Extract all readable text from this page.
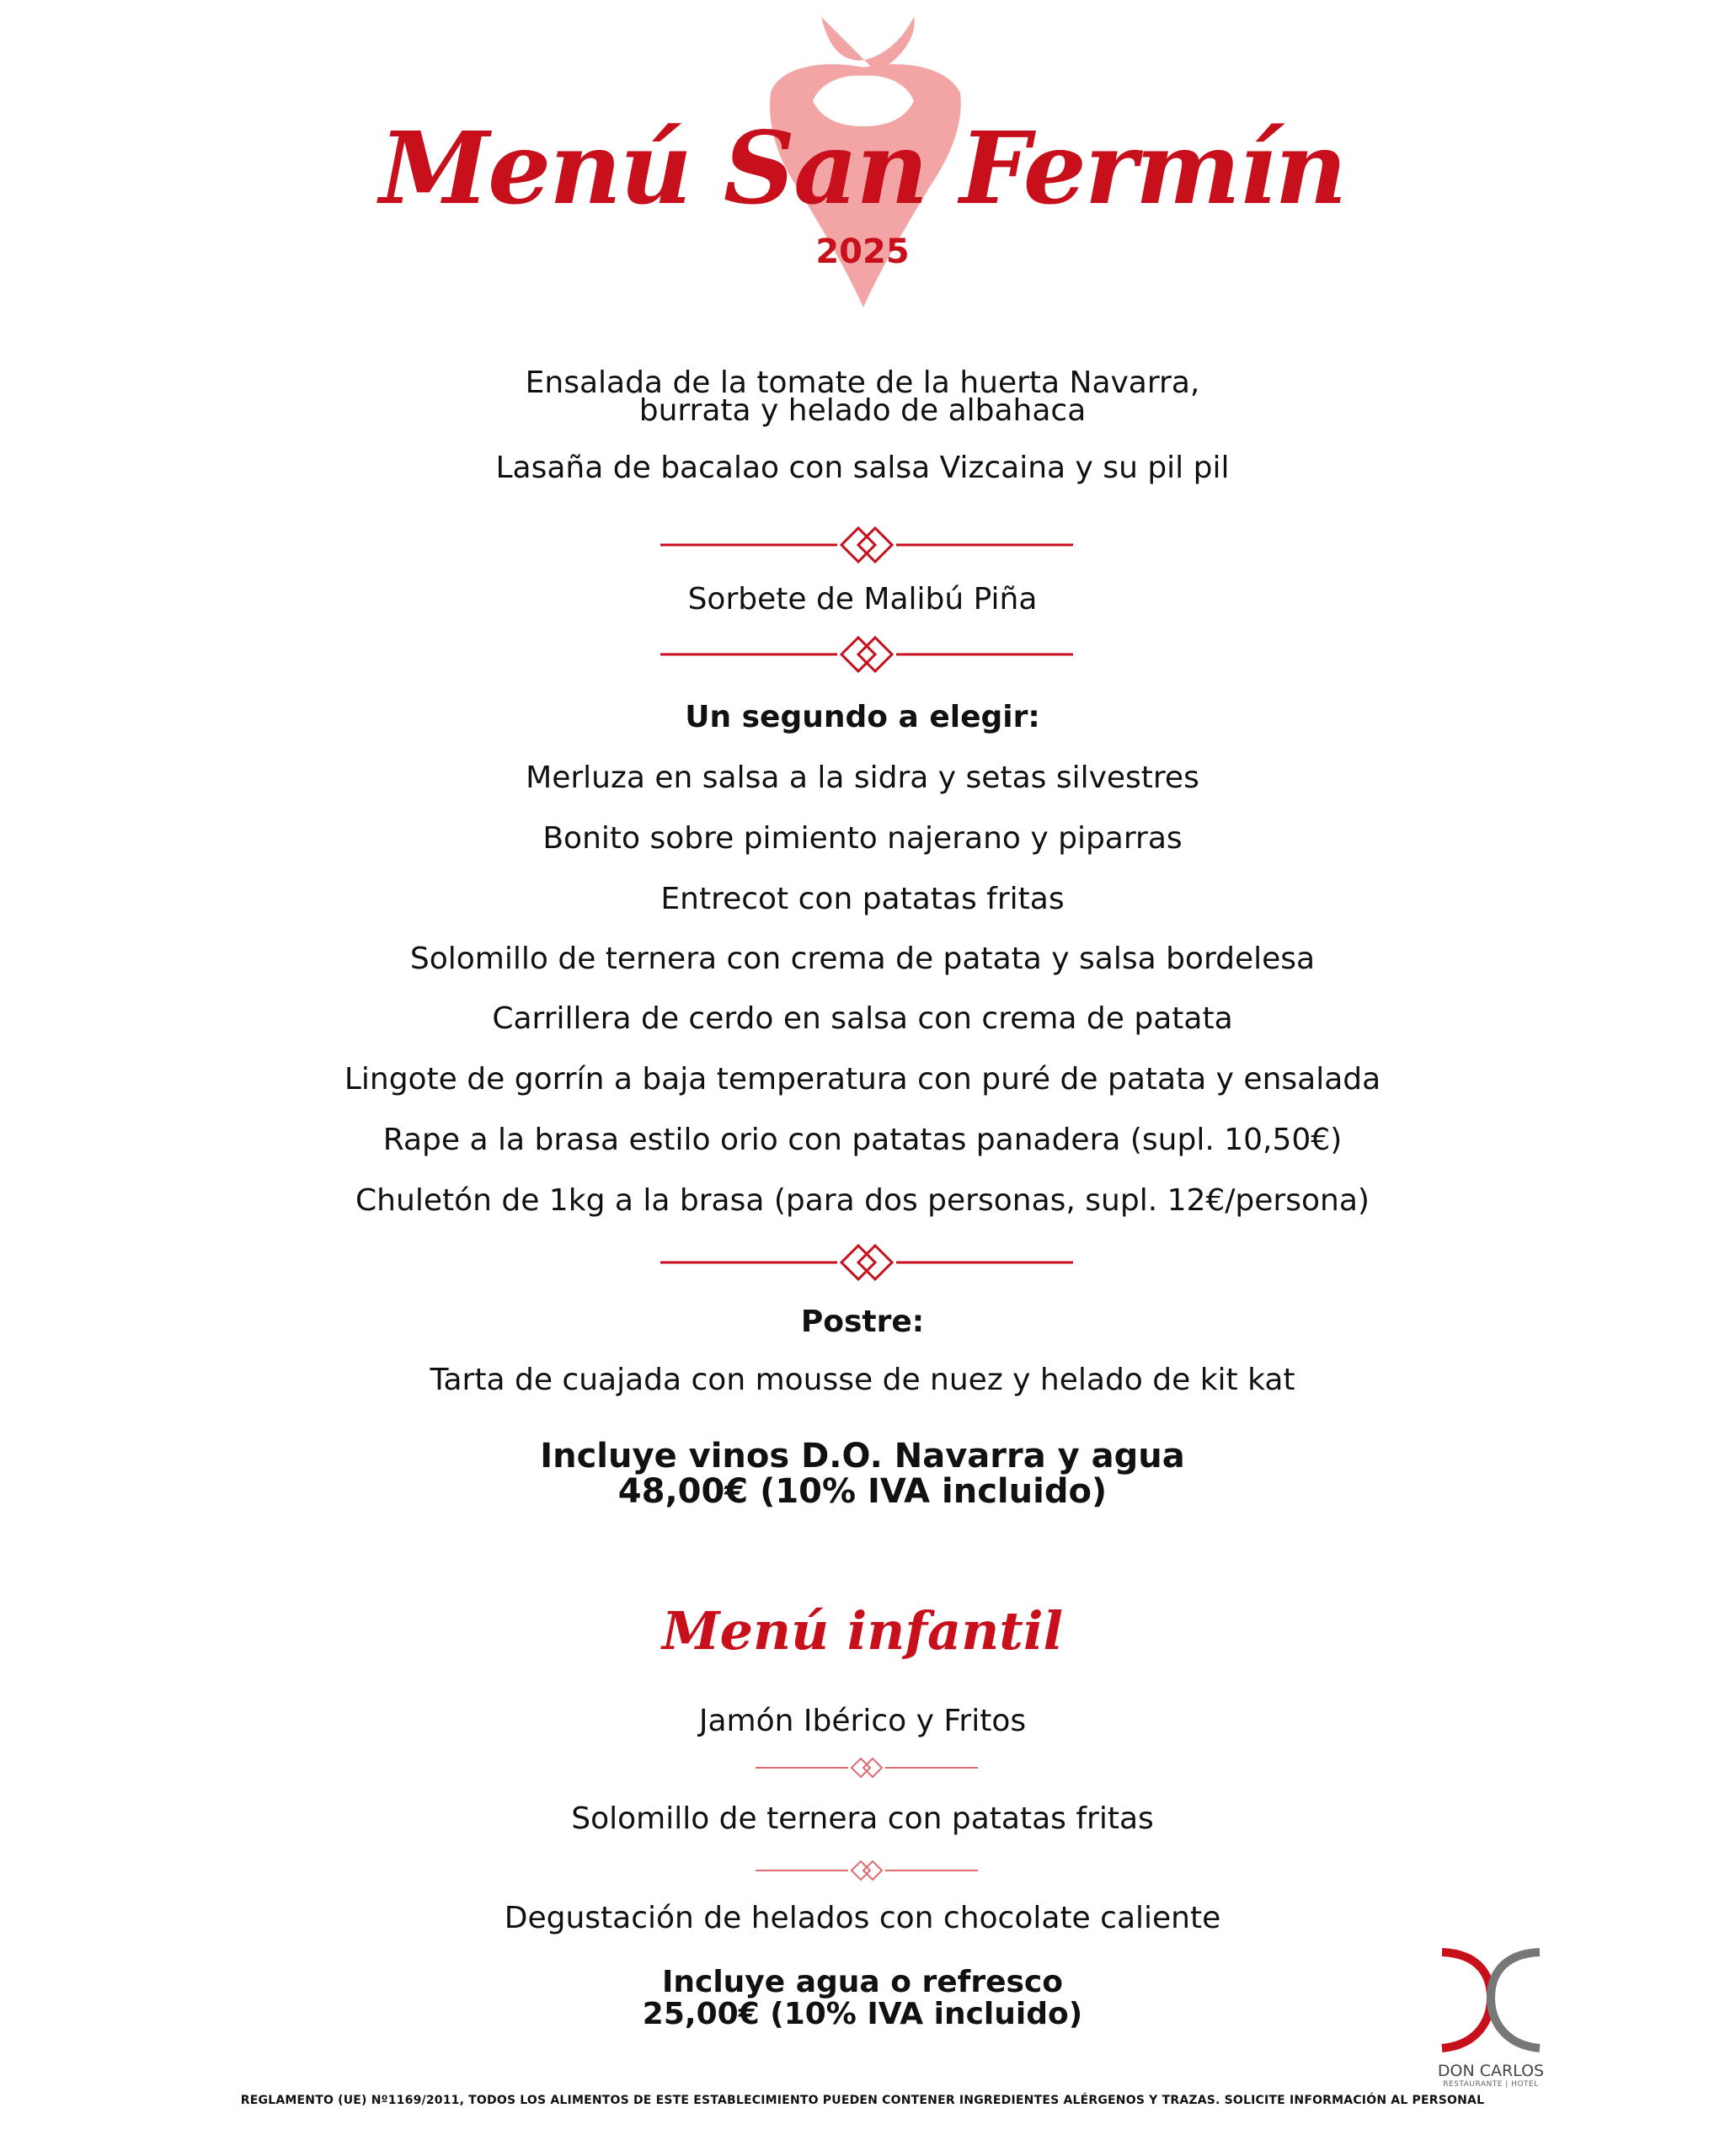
Menú San Fermín
2025
Ensalada de la tomate de la huerta Navarra,
burrata y helado de albahaca
Lasaña de bacalao con salsa Vizcaina y su pil pil
Sorbete de Malibú Piña
Un segundo a elegir:
Merluza en salsa a la sidra y setas silvestres
Bonito sobre pimiento najerano y piparras
Entrecot con patatas fritas
Solomillo de ternera con crema de patata y salsa bordelesa
Carrillera de cerdo en salsa con crema de patata
Lingote de gorrín a baja temperatura con puré de patata y ensalada
Rape a la brasa estilo orio con patatas panadera (supl. 10,50€)
Chuletón de 1kg a la brasa (para dos personas, supl. 12€/persona)
Postre:
Tarta de cuajada con mousse de nuez y helado de kit kat
Incluye vinos D.O. Navarra y agua
48,00€ (10% IVA incluido)
Menú infantil
Jamón Ibérico y Fritos
Solomillo de ternera con patatas fritas
Degustación de helados con chocolate caliente
Incluye agua o refresco
25,00€ (10% IVA incluido)
DON CARLOS
RESTAURANTE | HOTEL
REGLAMENTO (UE) Nº1169/2011, TODOS LOS ALIMENTOS DE ESTE ESTABLECIMIENTO PUEDEN CONTENER INGREDIENTES ALÉRGENOS Y TRAZAS. SOLICITE INFORMACIÓN AL PERSONAL
